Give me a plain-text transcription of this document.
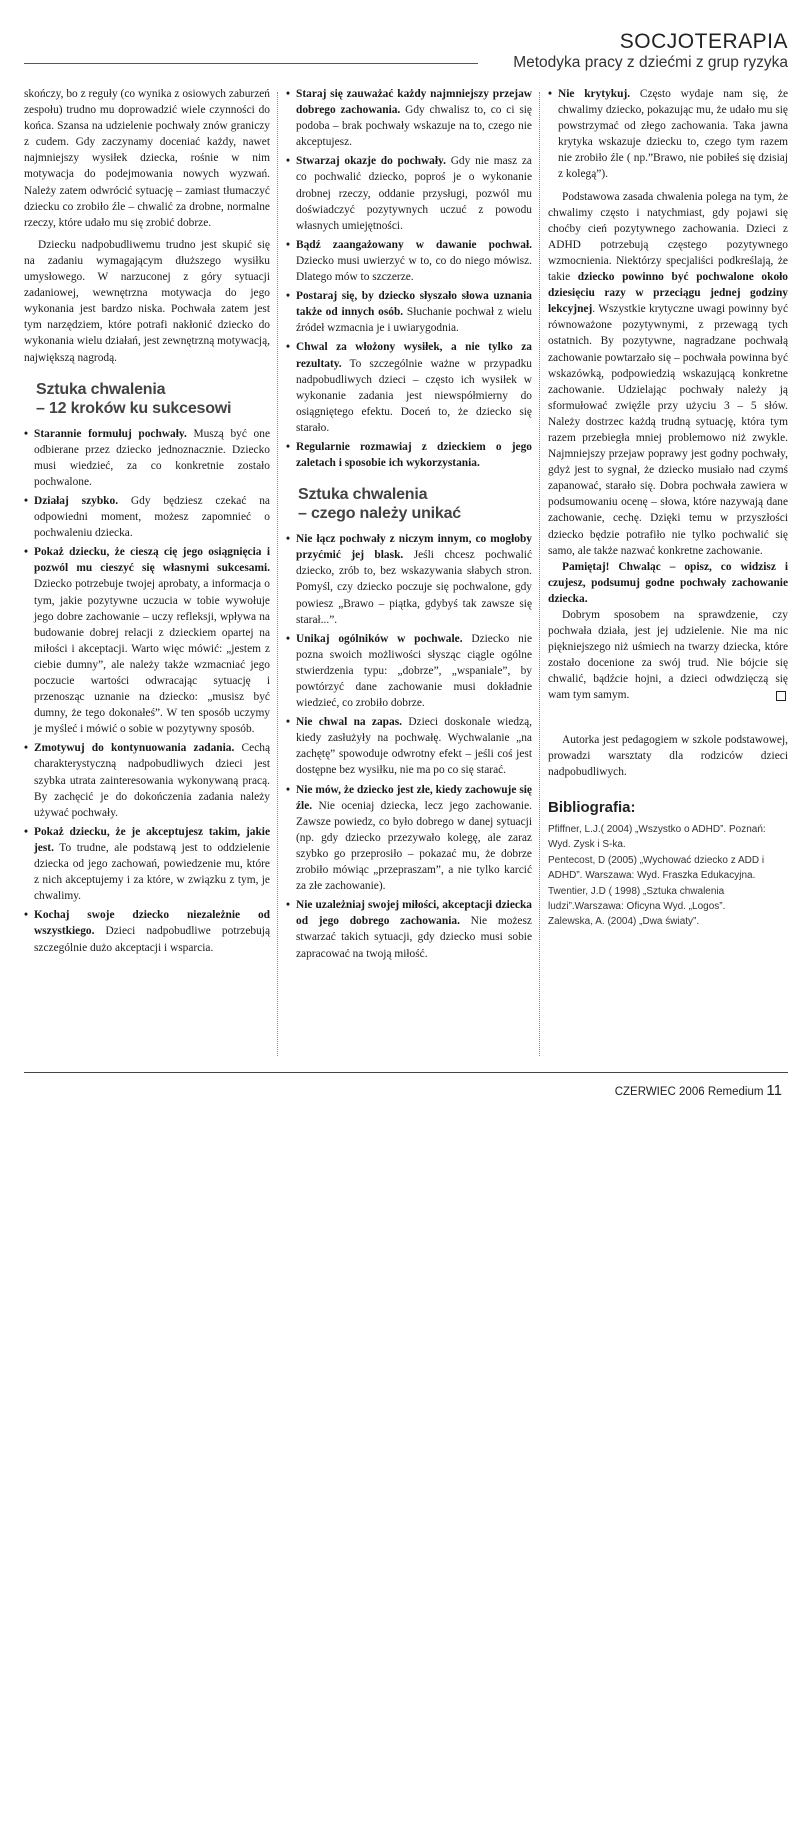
SOCJOTERAPIA
Metodyka pracy z dziećmi z grup ryzyka

skończy, bo z reguły (co wynika z osiowych zaburzeń zespołu) trudno mu doprowadzić wiele czynności do końca. Szansa na udzielenie pochwały znów graniczy z cudem. Gdy zaczynamy doceniać każdy, nawet najmniejszy wysiłek dziecka, rośnie w nim motywacja do podejmowania nowych wyzwań. Należy zatem odwrócić sytuację – zamiast tłumaczyć dziecku co zrobiło źle – chwalić za drobne, normalne rzeczy, które udało mu się zrobić dobrze.

Dziecku nadpobudliwemu trudno jest skupić się na zadaniu wymagającym dłuższego wysiłku umysłowego. W narzuconej z góry sytuacji zadaniowej, wewnętrzna motywacja do jego wykonania jest bardzo niska. Pochwała zatem jest tym narzędziem, które potrafi nakłonić dziecko do wykonania wielu działań, jest zewnętrzną motywacją, największą nagrodą.

Sztuka chwalenia
– 12 kroków ku sukcesowi
• Starannie formułuj pochwały. Muszą być one odbierane przez dziecko jednoznacznie. Dziecko musi wiedzieć, za co konkretnie zostało pochwalone.
• Działaj szybko. Gdy będziesz czekać na odpowiedni moment, możesz zapomnieć o pochwaleniu dziecka.
• Pokaż dziecku, że cieszą cię jego osiągnięcia i pozwól mu cieszyć się własnymi sukcesami. Dziecko potrzebuje twojej aprobaty, a informacja o tym, jakie pozytywne uczucia w tobie wywołuje jego dobre zachowanie – uczy refleksji, wpływa na budowanie dobrej relacji z dzieckiem opartej na miłości i akceptacji. Warto więc mówić: „jestem z ciebie dumny”, ale należy także wzmacniać jego poczucie wartości odwracając sytuację i przenosząc uznanie na dziecko: „musisz być dumny, że tego dokonałeś”. W ten sposób uczymy je myśleć i mówić o sobie w pozytywny sposób.
• Zmotywuj do kontynuowania zadania. Cechą charakterystyczną nadpobudliwych dzieci jest szybka utrata zainteresowania wykonywaną pracą. By zachęcić je do dokończenia zadania należy używać pochwały.
• Pokaż dziecku, że je akceptujesz takim, jakie jest. To trudne, ale podstawą jest to oddzielenie dziecka od jego zachowań, powiedzenie mu, które z nich akceptujemy i za które, w związku z tym, je chwalimy.
• Kochaj swoje dziecko niezależnie od wszystkiego. Dzieci nadpobudliwe potrzebują szczególnie dużo akceptacji i wsparcia.
• Staraj się zauważać każdy najmniejszy przejaw dobrego zachowania. Gdy chwalisz to, co ci się podoba – brak pochwały wskazuje na to, czego nie akceptujesz.
• Stwarzaj okazje do pochwały. Gdy nie masz za co pochwalić dziecko, poproś je o wykonanie drobnej rzeczy, oddanie przysługi, pozwól mu doświadczyć pozytywnych uczuć z powodu własnych umiejętności.
• Bądź zaangażowany w dawanie pochwał. Dziecko musi uwierzyć w to, co do niego mówisz. Dlatego mów to szczerze.
• Postaraj się, by dziecko słyszało słowa uznania także od innych osób. Słuchanie pochwał z wielu źródeł wzmacnia je i uwiarygodnia.
• Chwal za włożony wysiłek, a nie tylko za rezultaty. To szczególnie ważne w przypadku nadpobudliwych dzieci – często ich wysiłek w wykonanie zadania jest niewspółmierny do osiągniętego efektu. Doceń to, że dziecko się starało.
• Regularnie rozmawiaj z dzieckiem o jego zaletach i sposobie ich wykorzystania.
Sztuka chwalenia
– czego należy unikać
• Nie łącz pochwały z niczym innym, co mogłoby przyćmić jej blask. Jeśli chcesz pochwalić dziecko, zrób to, bez wskazywania słabych stron. Pomyśl, czy dziecko poczuje się pochwalone, gdy powiesz „Brawo – piątka, gdybyś tak zawsze się starał...”.
• Unikaj ogólników w pochwale. Dziecko nie pozna swoich możliwości słysząc ciągle ogólne stwierdzenia typu: „dobrze”, „wspaniale”, by powtórzyć dane zachowanie musi dokładnie wiedzieć, co zrobiło dobrze.
• Nie chwal na zapas. Dzieci doskonale wiedzą, kiedy zasłużyły na pochwałę. Wychwalanie „na zachętę” spowoduje odwrotny efekt – jeśli coś jest dostępne bez wysiłku, nie ma po co się starać.
• Nie mów, że dziecko jest złe, kiedy zachowuje się źle. Nie oceniaj dziecka, lecz jego zachowanie. Zawsze powiedz, co było dobrego w danej sytuacji (np. gdy dziecko przezywało kolegę, ale zaraz szybko go przeprosiło – pokazać mu, że dobrze zrobiło mówiąc „przepraszam”, a nie tylko karcić za złe zachowanie).
• Nie uzależniaj swojej miłości, akceptacji dziecka od jego dobrego zachowania. Nie możesz stwarzać takich sytuacji, gdy dziecko musi sobie zapracować na twoją miłość.
• Nie krytykuj. Często wydaje nam się, że chwalimy dziecko, pokazując mu, że udało mu się powstrzymać od złego zachowania. Taka jawna krytyka wskazuje dziecku to, czego tym razem nie zrobiło źle ( np.”Brawo, nie pobiłeś się dzisiaj z kolegą”).

Podstawowa zasada chwalenia polega na tym, że chwalimy często i natychmiast, gdy pojawi się choćby cień pozytywnego zachowania. Dzieci z ADHD potrzebują częstego pozytywnego wzmocnienia. Niektórzy specjaliści podkreślają, że takie dziecko powinno być pochwalone około dziesięciu razy w przeciągu jednej godziny lekcyjnej. Wszystkie krytyczne uwagi powinny być równoważone pozytywnymi, z przewagą tych ostatnich. By pozytywne, nagradzane pochwałą zachowanie powtarzało się – pochwała powinna być wskazówką, podpowiedzią wskazującą konkretne zachowanie. Udzielając pochwały należy ją sformułować zwięźle przy użyciu 3 – 5 słów. Należy dostrzec każdą trudną sytuację, która tym razem przebiegła mniej problemowo niż zwykle. Najmniejszy przejaw poprawy jest godny pochwały, gdyż jest to sygnał, że dziecko musiało nad czymś zapanować, starało się. Dobra pochwała zawiera w podsumowaniu ocenę – słowa, które nazywają dane zachowanie, cechę. Dzięki temu w przyszłości dziecko będzie potrafiło nie tylko pochwalić się samo, ale także nazwać konkretne zachowanie.

Pamiętaj! Chwaląc – opisz, co widzisz i czujesz, podsumuj godne pochwały zachowanie dziecka.

Dobrym sposobem na sprawdzenie, czy pochwała działa, jest jej udzielenie. Nie ma nic piękniejszego niż uśmiech na twarzy dziecka, które zostało docenione za swój trud. Nie bójcie się chwalić, bądźcie hojni, a dzieci odwdzięczą się wam tym samym.

Autorka jest pedagogiem w szkole podstawowej, prowadzi warsztaty dla rodziców dzieci nadpobudliwych.

Bibliografia:
Pfiffner, L.J.( 2004) „Wszystko o ADHD”. Poznań: Wyd. Zysk i S-ka.
Pentecost, D (2005) „Wychować dziecko z ADD i ADHD”. Warszawa: Wyd. Fraszka Edukacyjna.
Twentier, J.D ( 1998) „Sztuka chwalenia ludzi”.Warszawa: Oficyna Wyd. „Logos”.
Zalewska, A. (2004) „Dwa światy”.
CZERWIEC 2006 Remedium 11
